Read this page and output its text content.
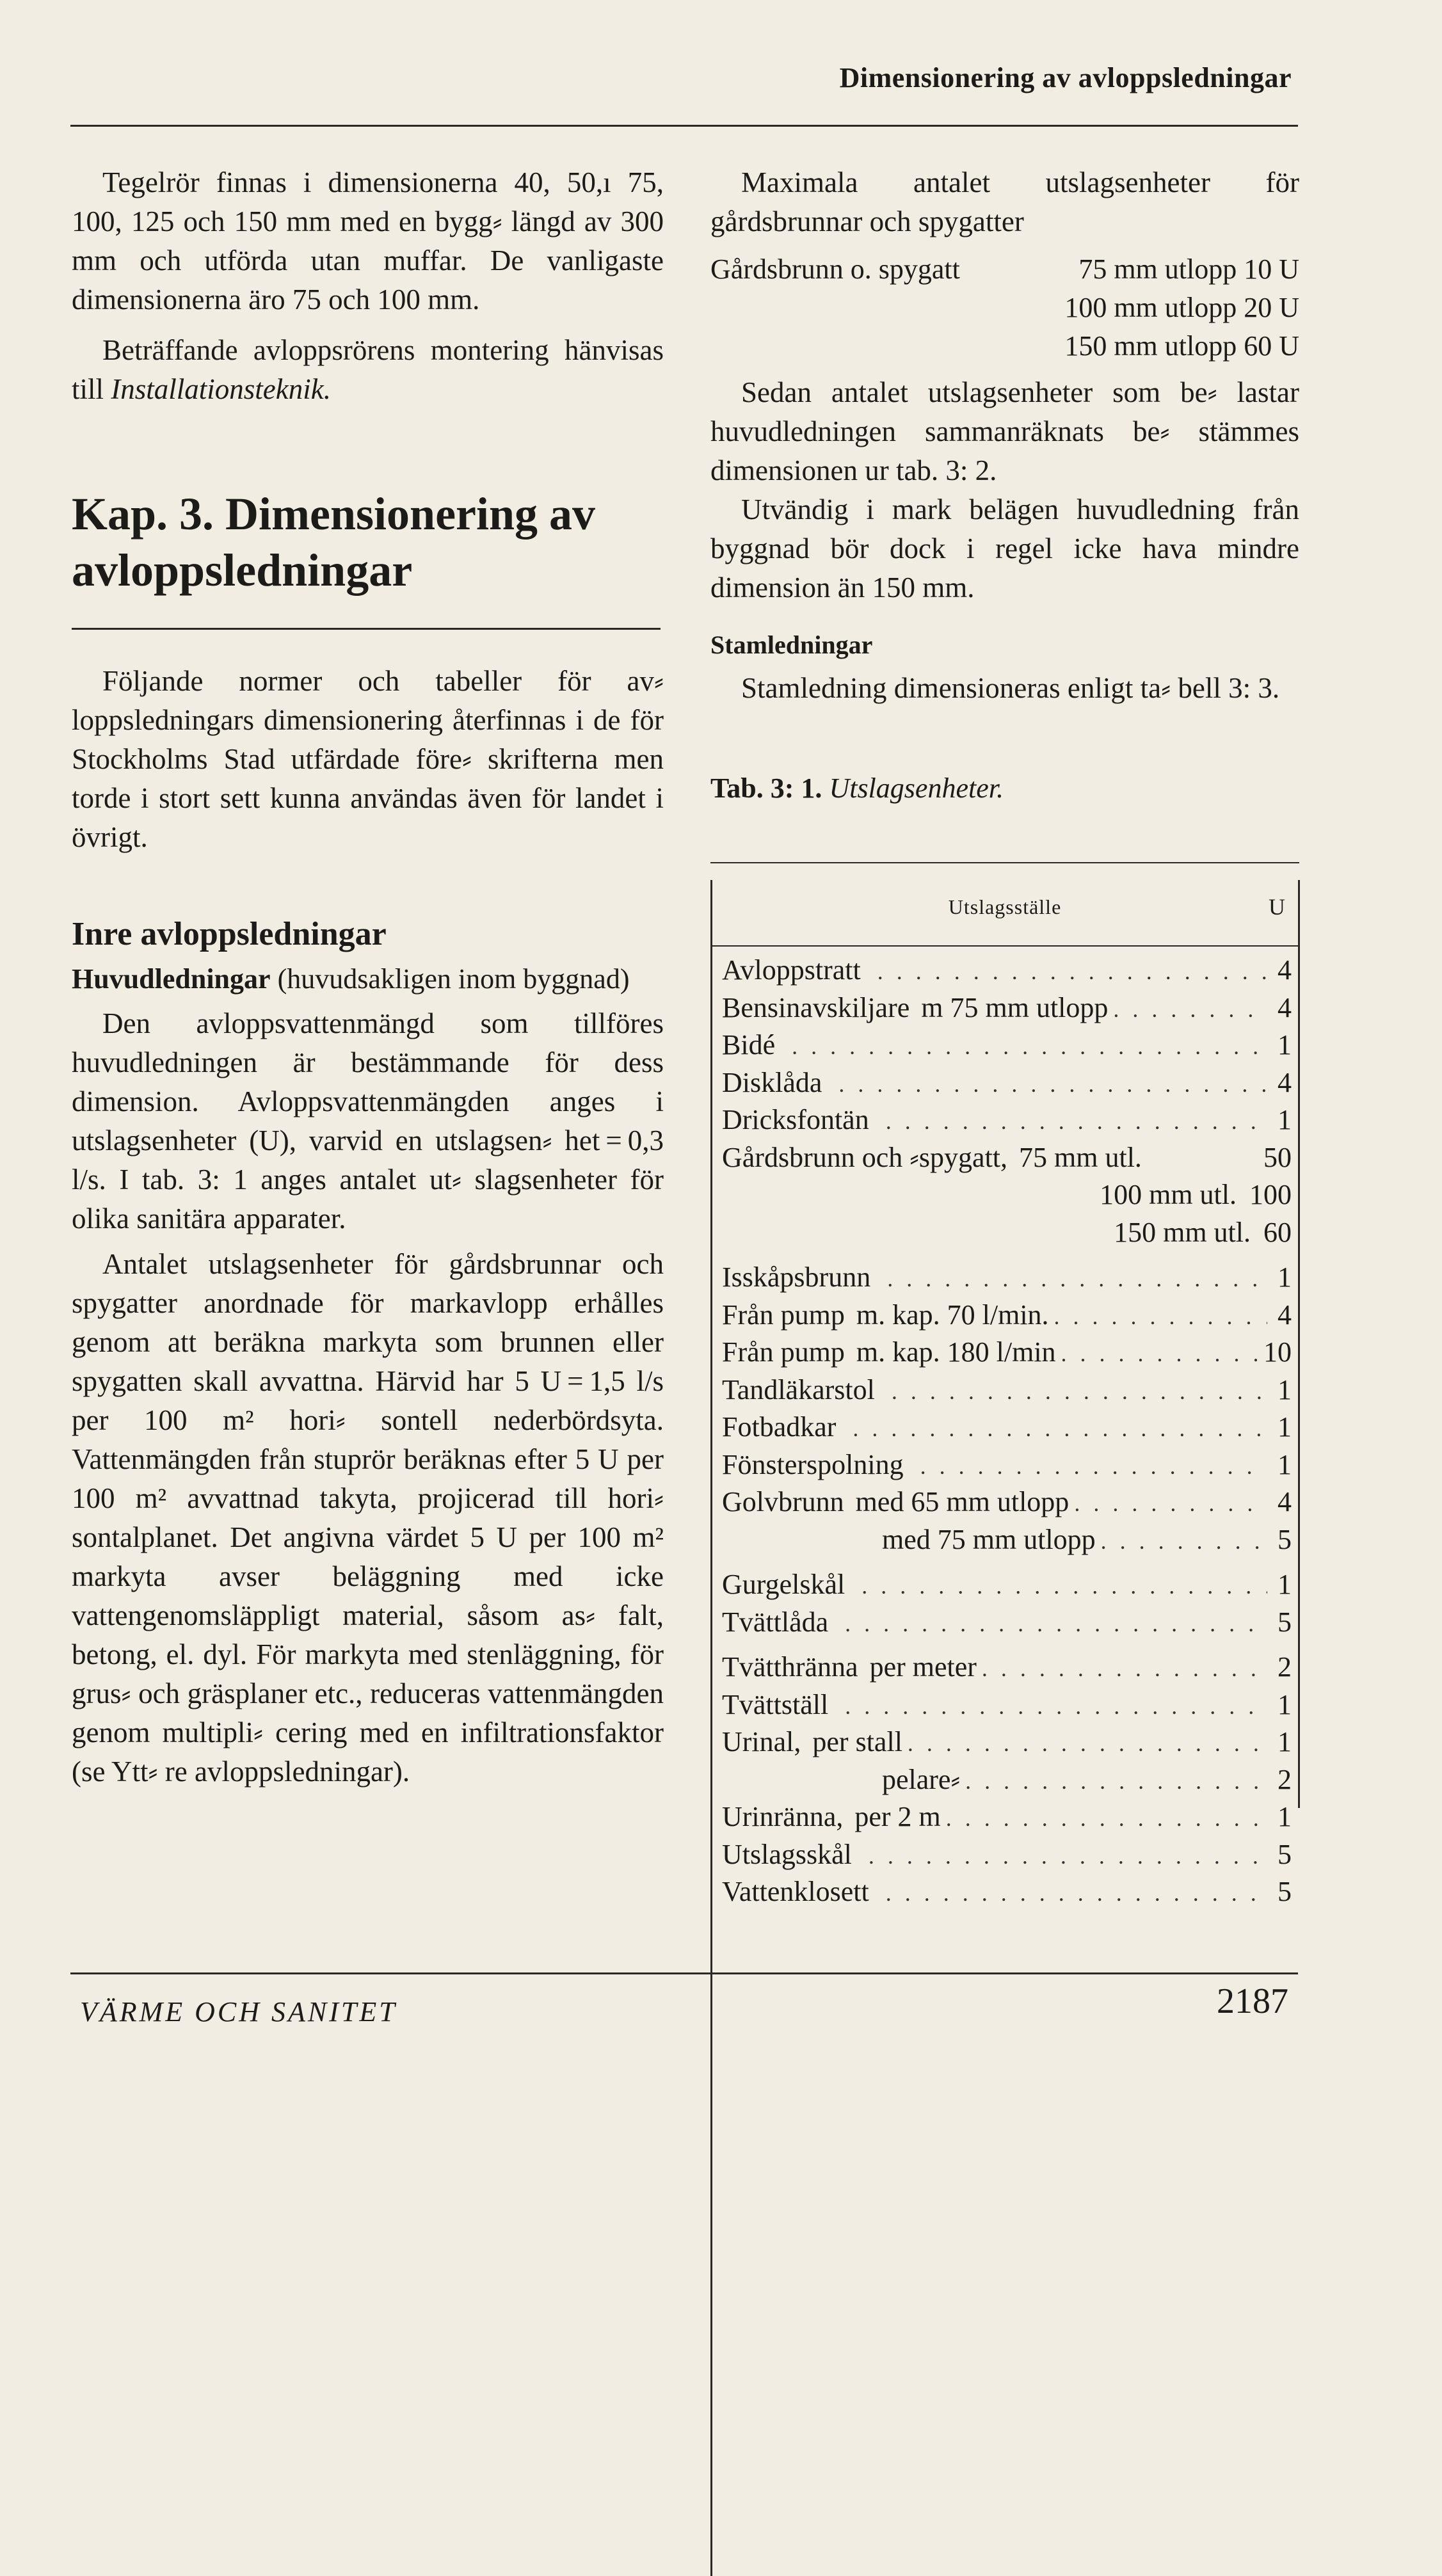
Dimensionering av avloppsledningar

Tegelrör finnas i dimensionerna 40, 50,ı 75, 100, 125 och 150 mm med en bygg⸗ längd av 300 mm och utförda utan muffar. De vanligaste dimensionerna äro 75 och 100 mm.

Beträffande avloppsrörens montering hänvisas till Installationsteknik.

Kap. 3. Dimensionering av avloppsledningar

Följande normer och tabeller för av⸗ loppsledningars dimensionering återfinnas i de för Stockholms Stad utfärdade före⸗ skrifterna men torde i stort sett kunna användas även för landet i övrigt.

Inre avloppsledningar

Huvudledningar (huvudsakligen inom byggnad)

Den avloppsvattenmängd som tillföres huvudledningen är bestämmande för dess dimension. Avloppsvattenmängden anges i utslagsenheter (U), varvid en utslagsen⸗ het = 0,3 l/s. I tab. 3: 1 anges antalet ut⸗ slagsenheter för olika sanitära apparater.

Antalet utslagsenheter för gårdsbrunnar och spygatter anordnade för markavlopp erhålles genom att beräkna markyta som brunnen eller spygatten skall avvattna. Härvid har 5 U = 1,5 l/s per 100 m² hori⸗ sontell nederbördsyta. Vattenmängden från stuprör beräknas efter 5 U per 100 m² avvattnad takyta, projicerad till hori⸗ sontalplanet. Det angivna värdet 5 U per 100 m² markyta avser beläggning med icke vattengenomsläppligt material, såsom as⸗ falt, betong, el. dyl. För markyta med stenläggning, för grus⸗ och gräsplaner etc., reduceras vattenmängden genom multipli⸗ cering med en infiltrationsfaktor (se Ytt⸗ re avloppsledningar).

Maximala antalet utslagsenheter för gårdsbrunnar och spygatter

Gårdsbrunn o. spygatt	75 mm utlopp 10 U
100 mm utlopp 20 U
150 mm utlopp 60 U

Sedan antalet utslagsenheter som be⸗ lastar huvudledningen sammanräknats be⸗ stämmes dimensionen ur tab. 3: 2.

Utvändig i mark belägen huvudledning från byggnad bör dock i regel icke hava mindre dimension än 150 mm.

Stamledningar

Stamledning dimensioneras enligt ta⸗ bell 3: 3.

Tab. 3: 1. Utslagsenheter.
Utslagsställe	U
Avloppstratt . . .	4
Bensinavskiljare m 75 mm utlopp . . .	4
Bidé . . .	1
Disklåda . . .	4
Dricksfontän . . .	1
Gårdsbrunn och ⸗spygatt, 75 mm utl.	50
100 mm utl. 100
150 mm utl. 60
Isskåpsbrunn . . .	1
Från pump m. kap. 70 l/min. . . .	4
Från pump m. kap. 180 l/min . . .	10
Tandläkarstol . . .	1
Fotbadkar . . .	1
Fönsterspolning . . .	1
Golvbrunn med 65 mm utlopp . . .	4
med 75 mm utlopp . . .	5
Gurgelskål . . .	1
Tvättlåda . . .	5
Tvätthränna per meter . . .	2
Tvättställ . . .	1
Urinal, per stall . . .	1
pelare⸗ . . .	2
Urinränna, per 2 m . . .	1
Utslagsskål . . .	5
Vattenklosett . . .	5
VÄRME OCH SANITET	2187
